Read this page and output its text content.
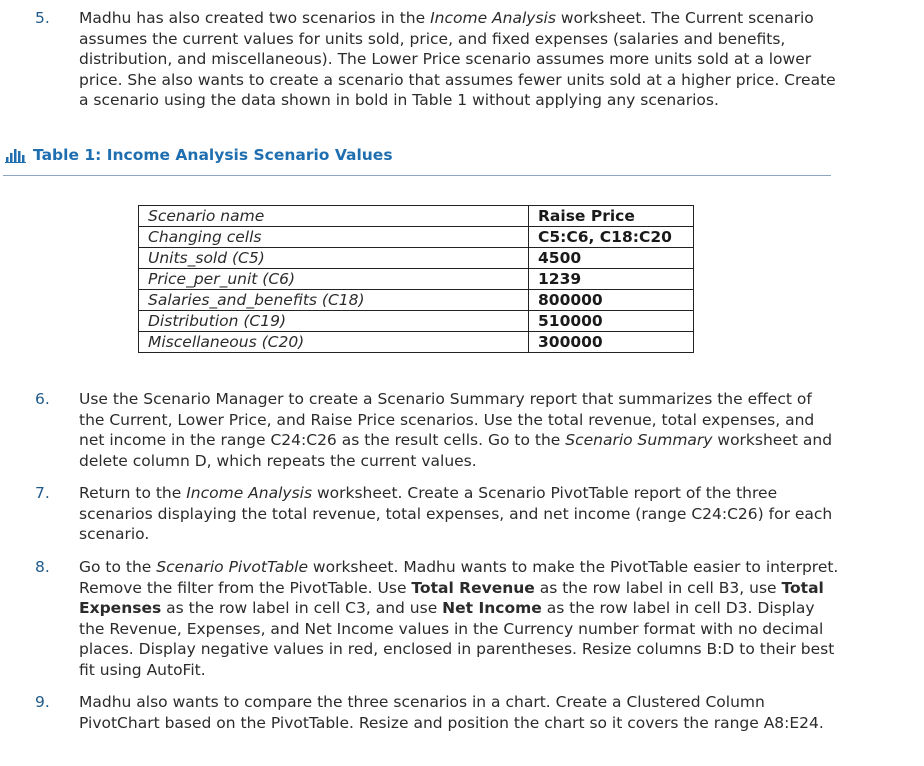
5. Madhu has also created two scenarios in the Income Analysis worksheet. The Current scenario assumes the current values for units sold, price, and fixed expenses (salaries and benefits, distribution, and miscellaneous). The Lower Price scenario assumes more units sold at a lower price. She also wants to create a scenario that assumes fewer units sold at a higher price. Create a scenario using the data shown in bold in Table 1 without applying any scenarios.
Table 1: Income Analysis Scenario Values
Scenario name	Raise Price
Changing cells	C5:C6, C18:C20
Units_sold (C5)	4500
Price_per_unit (C6)	1239
Salaries_and_benefits (C18)	800000
Distribution (C19)	510000
Miscellaneous (C20)	300000
6. Use the Scenario Manager to create a Scenario Summary report that summarizes the effect of the Current, Lower Price, and Raise Price scenarios. Use the total revenue, total expenses, and net income in the range C24:C26 as the result cells. Go to the Scenario Summary worksheet and delete column D, which repeats the current values.
7. Return to the Income Analysis worksheet. Create a Scenario PivotTable report of the three scenarios displaying the total revenue, total expenses, and net income (range C24:C26) for each scenario.
8. Go to the Scenario PivotTable worksheet. Madhu wants to make the PivotTable easier to interpret. Remove the filter from the PivotTable. Use Total Revenue as the row label in cell B3, use Total Expenses as the row label in cell C3, and use Net Income as the row label in cell D3. Display the Revenue, Expenses, and Net Income values in the Currency number format with no decimal places. Display negative values in red, enclosed in parentheses. Resize columns B:D to their best fit using AutoFit.
9. Madhu also wants to compare the three scenarios in a chart. Create a Clustered Column PivotChart based on the PivotTable. Resize and position the chart so it covers the range A8:E24.
